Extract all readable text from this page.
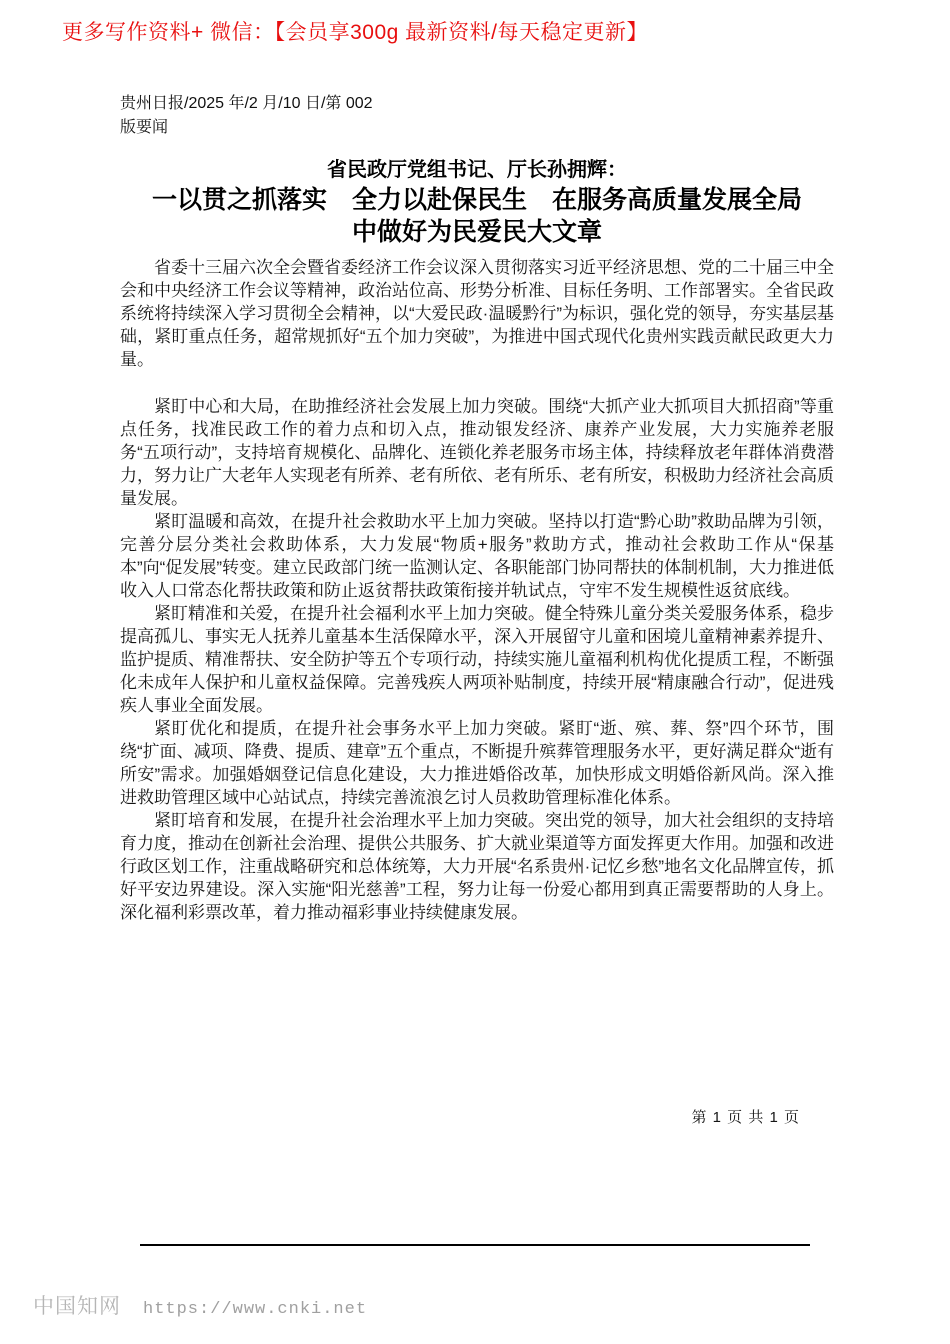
更多写作资料+ 微信：【会员享300g 最新资料/每天稳定更新】
贵州日报/2025 年/2 月/10 日/第 002
版要闻
省民政厅党组书记、厅长孙拥辉：
一以贯之抓落实　全力以赴保民生　在服务高质量发展全局
中做好为民爱民大文章

省委十三届六次全会暨省委经济工作会议深入贯彻落实习近平经济思想、党的二十届三中全会和中央经济工作会议等精神，政治站位高、形势分析准、目标任务明、工作部署实。全省民政系统将持续深入学习贯彻全会精神，以“大爱民政·温暖黔行”为标识，强化党的领导，夯实基层基础，紧盯重点任务，超常规抓好“五个加力突破”，为推进中国式现代化贵州实践贡献民政更大力量。

紧盯中心和大局，在助推经济社会发展上加力突破。围绕“大抓产业大抓项目大抓招商”等重点任务，找准民政工作的着力点和切入点，推动银发经济、康养产业发展，大力实施养老服务“五项行动”，支持培育规模化、品牌化、连锁化养老服务市场主体，持续释放老年群体消费潜力，努力让广大老年人实现老有所养、老有所依、老有所乐、老有所安，积极助力经济社会高质量发展。

紧盯温暖和高效，在提升社会救助水平上加力突破。坚持以打造“黔心助”救助品牌为引领，完善分层分类社会救助体系，大力发展“物质+服务”救助方式，推动社会救助工作从“保基本”向“促发展”转变。建立民政部门统一监测认定、各职能部门协同帮扶的体制机制，大力推进低收入人口常态化帮扶政策和防止返贫帮扶政策衔接并轨试点，守牢不发生规模性返贫底线。

紧盯精准和关爱，在提升社会福利水平上加力突破。健全特殊儿童分类关爱服务体系，稳步提高孤儿、事实无人抚养儿童基本生活保障水平，深入开展留守儿童和困境儿童精神素养提升、监护提质、精准帮扶、安全防护等五个专项行动，持续实施儿童福利机构优化提质工程，不断强化未成年人保护和儿童权益保障。完善残疾人两项补贴制度，持续开展“精康融合行动”，促进残疾人事业全面发展。

紧盯优化和提质，在提升社会事务水平上加力突破。紧盯“逝、殡、葬、祭”四个环节，围绕“扩面、减项、降费、提质、建章”五个重点，不断提升殡葬管理服务水平，更好满足群众“逝有所安”需求。加强婚姻登记信息化建设，大力推进婚俗改革，加快形成文明婚俗新风尚。深入推进救助管理区域中心站试点，持续完善流浪乞讨人员救助管理标准化体系。

紧盯培育和发展，在提升社会治理水平上加力突破。突出党的领导，加大社会组织的支持培育力度，推动在创新社会治理、提供公共服务、扩大就业渠道等方面发挥更大作用。加强和改进行政区划工作，注重战略研究和总体统筹，大力开展“名系贵州·记忆乡愁”地名文化品牌宣传，抓好平安边界建设。深入实施“阳光慈善”工程，努力让每一份爱心都用到真正需要帮助的人身上。深化福利彩票改革，着力推动福彩事业持续健康发展。

第 1 页 共 1 页
中国知网 https://www.cnki.net
